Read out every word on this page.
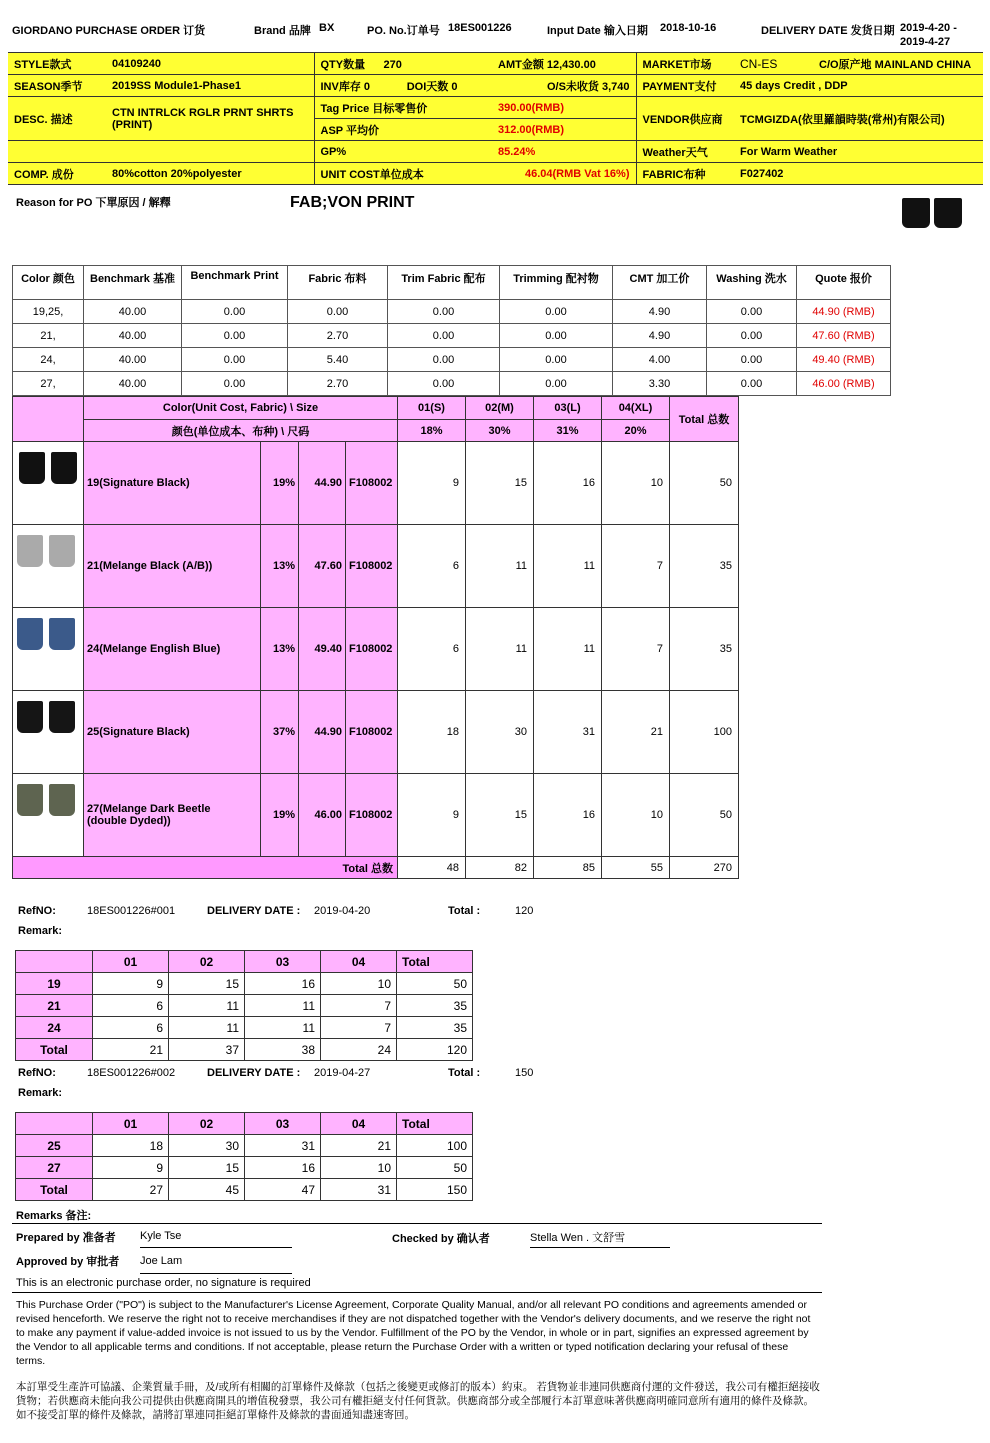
GIORDANO PURCHASE ORDER 订货	Brand 品牌 BX	PO. No.订单号 18ES001226	Input Date 输入日期 2018-10-16	DELIVERY DATE 发货日期 2019-4-20 -
2019-4-27
STYLE款式	04109240	QTY数量 270	AMT金额 12,430.00	MARKET市场	CN-ES	C/O原产地 MAINLAND CHINA
SEASON季节	2019SS Module1-Phase1	INV库存 0 DOI天数 0	O/S未收货 3,740	PAYMENT支付	45 days Credit , DDP	
DESC. 描述	CTN INTRLCK RGLR PRNT SHRTS
(PRINT)	Tag Price 目标零售价	390.00(RMB)	VENDOR供应商	TCMGIZDA(依里羅韻時裝(常州)有限公司)	
		ASP 平均价	312.00(RMB)			
		GP%	85.24%	Weather天气	For Warm Weather	
COMP. 成份	80%cotton 20%polyester	UNIT COST单位成本	46.04(RMB Vat 16%)	FABRIC布种	F027402	
Reason for PO 下單原因 / 解釋	FAB;VON PRINT
Color 颜色	Benchmark 基准	Benchmark Print	Fabric 布料	Trim Fabric 配布	Trimming 配衬物	CMT 加工价	Washing 洗水	Quote 报价
19,25,	40.00	0.00	0.00	0.00	0.00	4.90	0.00	44.90 (RMB)
21,	40.00	0.00	2.70	0.00	0.00	4.90	0.00	47.60 (RMB)
24,	40.00	0.00	5.40	0.00	0.00	4.00	0.00	49.40 (RMB)
27,	40.00	0.00	2.70	0.00	0.00	3.30	0.00	46.00 (RMB)
	Color(Unit Cost, Fabric) \ Size				01(S)	02(M)	03(L)	04(XL)	Total 总数
	颜色(单位成本、布种) \ 尺码				18%	30%	31%	20%	

	19(Signature Black)	19%	44.90	F108002	9	15	16	10	50

	21(Melange Black (A/B))	13%	47.60	F108002	6	11	11	7	35

	24(Melange English Blue)	13%	49.40	F108002	6	11	11	7	35

	25(Signature Black)	37%	44.90	F108002	18	30	31	21	100

	27(Melange Dark Beetle
(double Dyded))	19%	46.00	F108002	9	15	16	10	50
Total 总数					48	82	85	55	270
RefNO:	18ES001226#001	DELIVERY DATE : 2019-04-20	Total :	120
Remark:
	01	02	03	04	Total
19	9	15	16	10	50
21	6	11	11	7	35
24	6	11	11	7	35
Total	21	37	38	24	120
RefNO:	18ES001226#002	DELIVERY DATE : 2019-04-27	Total :	150
Remark:
	01	02	03	04	Total
25	18	30	31	21	100
27	9	15	16	10	50
Total	27	45	47	31	150
Remarks 备注:
Prepared by 准备者 Kyle Tse	Checked by 确认者	Stella Wen . 文舒雪
Approved by 审批者 Joe Lam
This is an electronic purchase order, no signature is required
This Purchase Order ("PO") is subject to the Manufacturer's License Agreement, Corporate Quality Manual, and/or all relevant PO conditions and agreements amended or revised henceforth. We reserve the right not to receive merchandises if they are not dispatched together with the Vendor's delivery documents, and we reserve the right not to make any payment if value-added invoice is not issued to us by the Vendor. Fulfillment of the PO by the Vendor, in whole or in part, signifies an expressed agreement by the Vendor to all applicable terms and conditions. If not acceptable, please return the Purchase Order with a written or typed notification declaring your refusal of these terms.
本訂單受生產許可協議、企業質量手冊，及/或所有相關的訂單條件及條款（包括之後變更或修訂的版本）約束。 若貨物並非連同供應商付運的文件發送，我公司有權拒絕接收貨物；若供應商未能向我公司提供由供應商開具的增值稅發票，我公司有權拒絕支付任何貨款。供應商部分或全部履行本訂單意味著供應商明確同意所有適用的條件及條款。如不接受訂單的條件及條款，請將訂單連同拒絕訂單條件及條款的書面通知盡速寄回。
